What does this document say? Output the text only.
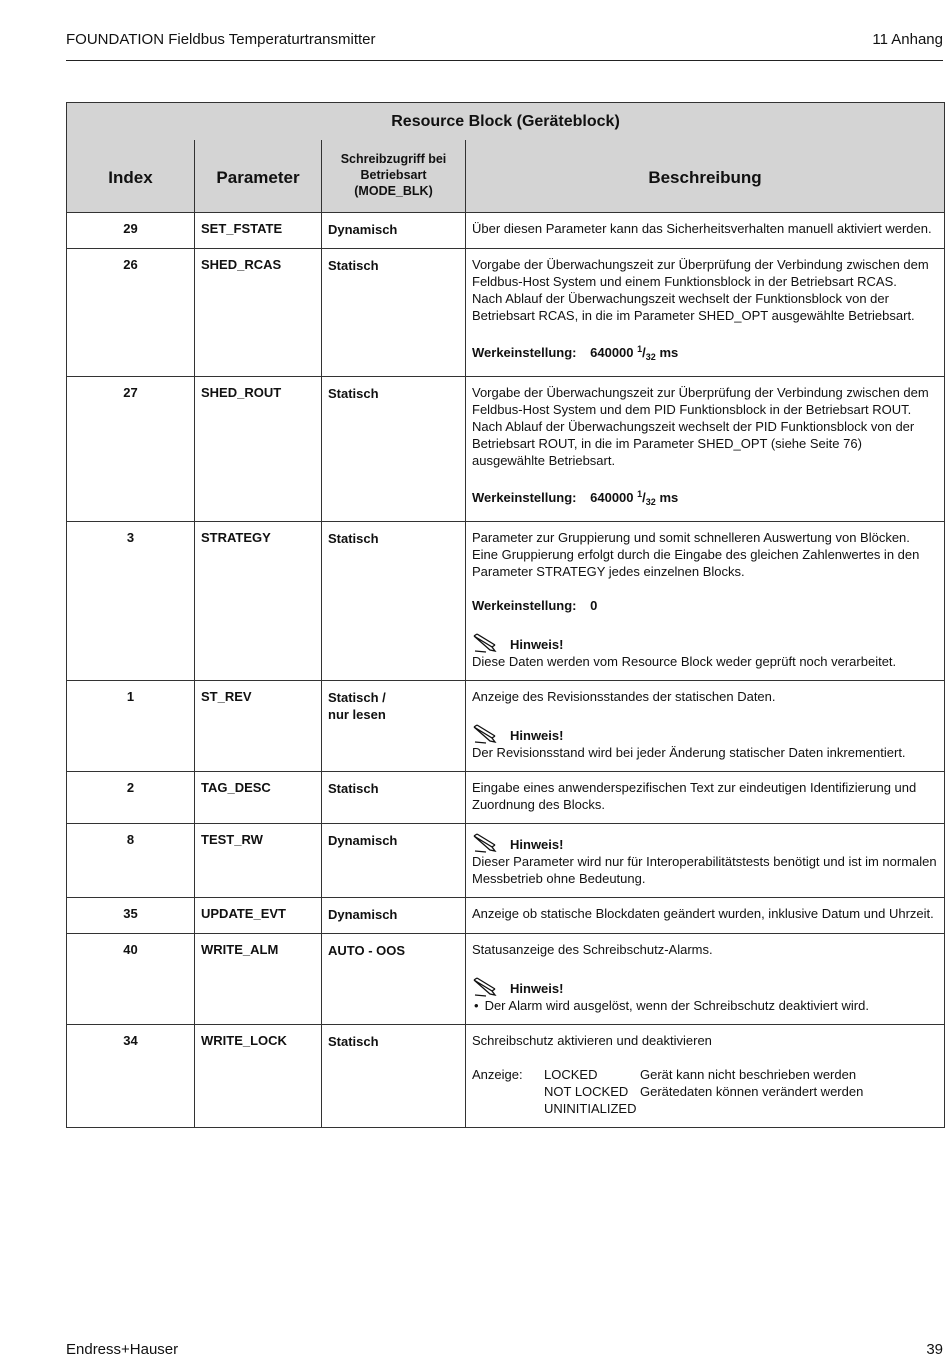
FOUNDATION Fieldbus Temperaturtransmitter	11 Anhang
Resource Block (Geräteblock)
Index	Parameter	Schreibzugriff bei Betriebsart (MODE_BLK)	Beschreibung
29	SET_FSTATE	Dynamisch	Über diesen Parameter kann das Sicherheitsverhalten manuell aktiviert werden.

26	SHED_RCAS	Statisch	Vorgabe der Überwachungszeit zur Überprüfung der Verbindung zwischen dem Feldbus-Host System und einem Funktionsblock in der Betriebsart RCAS.

Nach Ablauf der Überwachungszeit wechselt der Funktionsblock von der Betriebsart RCAS, in die im Parameter SHED_OPT ausgewählte Betriebsart.

Werkeinstellung: 640000 $^1/_{32}$ ms

27	SHED_ROUT	Statisch	Vorgabe der Überwachungszeit zur Überprüfung der Verbindung zwischen dem Feldbus-Host System und dem PID Funktionsblock in der Betriebsart ROUT.

Nach Ablauf der Überwachungszeit wechselt der PID Funktionsblock von der Betriebsart ROUT, in die im Parameter SHED_OPT (siehe Seite 76) ausgewählte Betriebsart.

Werkeinstellung: 640000 $^1/_{32}$ ms

3	STRATEGY	Statisch	Parameter zur Gruppierung und somit schnelleren Auswertung von Blöcken. Eine Gruppierung erfolgt durch die Eingabe des gleichen Zahlenwertes in den Parameter STRATEGY jedes einzelnen Blocks.

Werkeinstellung: 0

Hinweis!

Diese Daten werden vom Resource Block weder geprüft noch verarbeitet.

1	ST_REV	Statisch /
nur lesen

Anzeige des Revisionsstandes der statischen Daten.

Hinweis!

Der Revisionsstand wird bei jeder Änderung statischer Daten inkrementiert.

2	TAG_DESC	Statisch	Eingabe eines anwenderspezifischen Text zur eindeutigen Identifizierung und Zuordnung des Blocks.

8	TEST_RW	Dynamisch	Hinweis!

Dieser Parameter wird nur für Interoperabilitätstests benötigt und ist im normalen Messbetrieb ohne Bedeutung.

35	UPDATE_EVT	Dynamisch	Anzeige ob statische Blockdaten geändert wurden, inklusive Datum und Uhrzeit.

40	WRITE_ALM	AUTO - OOS	Statusanzeige des Schreibschutz-Alarms.

Hinweis!

• Der Alarm wird ausgelöst, wenn der Schreibschutz deaktiviert wird.

34	WRITE_LOCK	Statisch	Schreibschutz aktivieren und deaktivieren

Anzeige:	LOCKED	Gerät kann nicht beschrieben werden
	NOT LOCKED	Gerätedaten können verändert werden
	UNINITIALIZED	
Endress+Hauser	39
